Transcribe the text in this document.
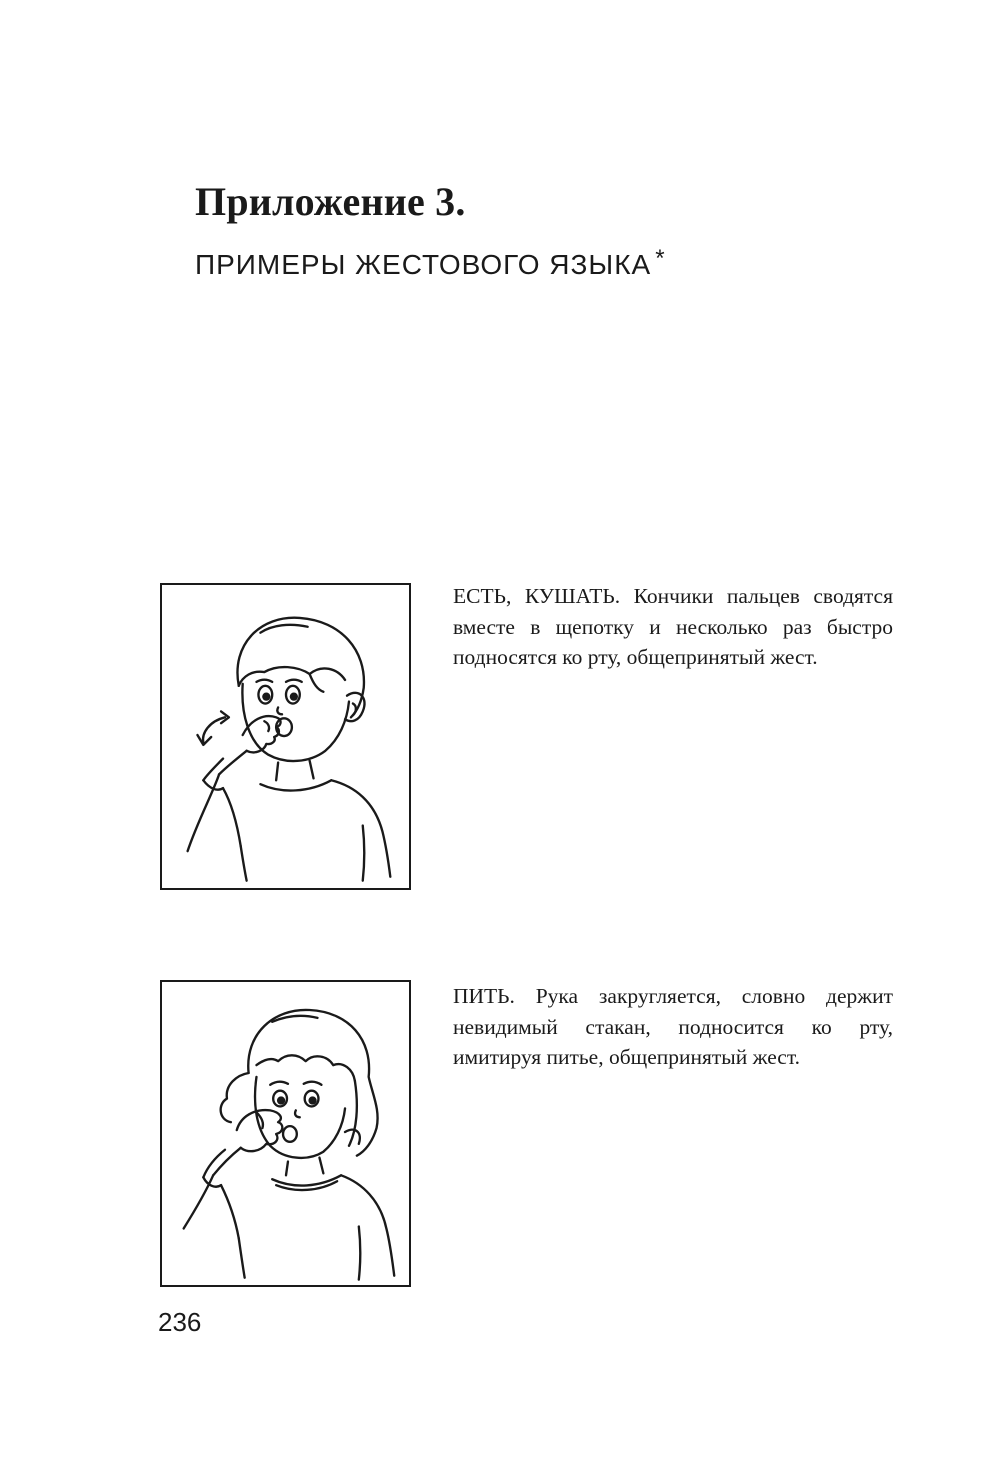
Приложение 3.
ПРИМЕРЫ ЖЕСТОВОГО ЯЗЫКА *

ЕСТЬ, КУШАТЬ. Кончики пальцев сводятся вместе в щепотку и несколько раз быстро подносятся ко рту, общепринятый жест.

ПИТЬ. Рука закругляется, словно держит невидимый стакан, подносится ко рту, имитируя питье, общепринятый жест.

236
